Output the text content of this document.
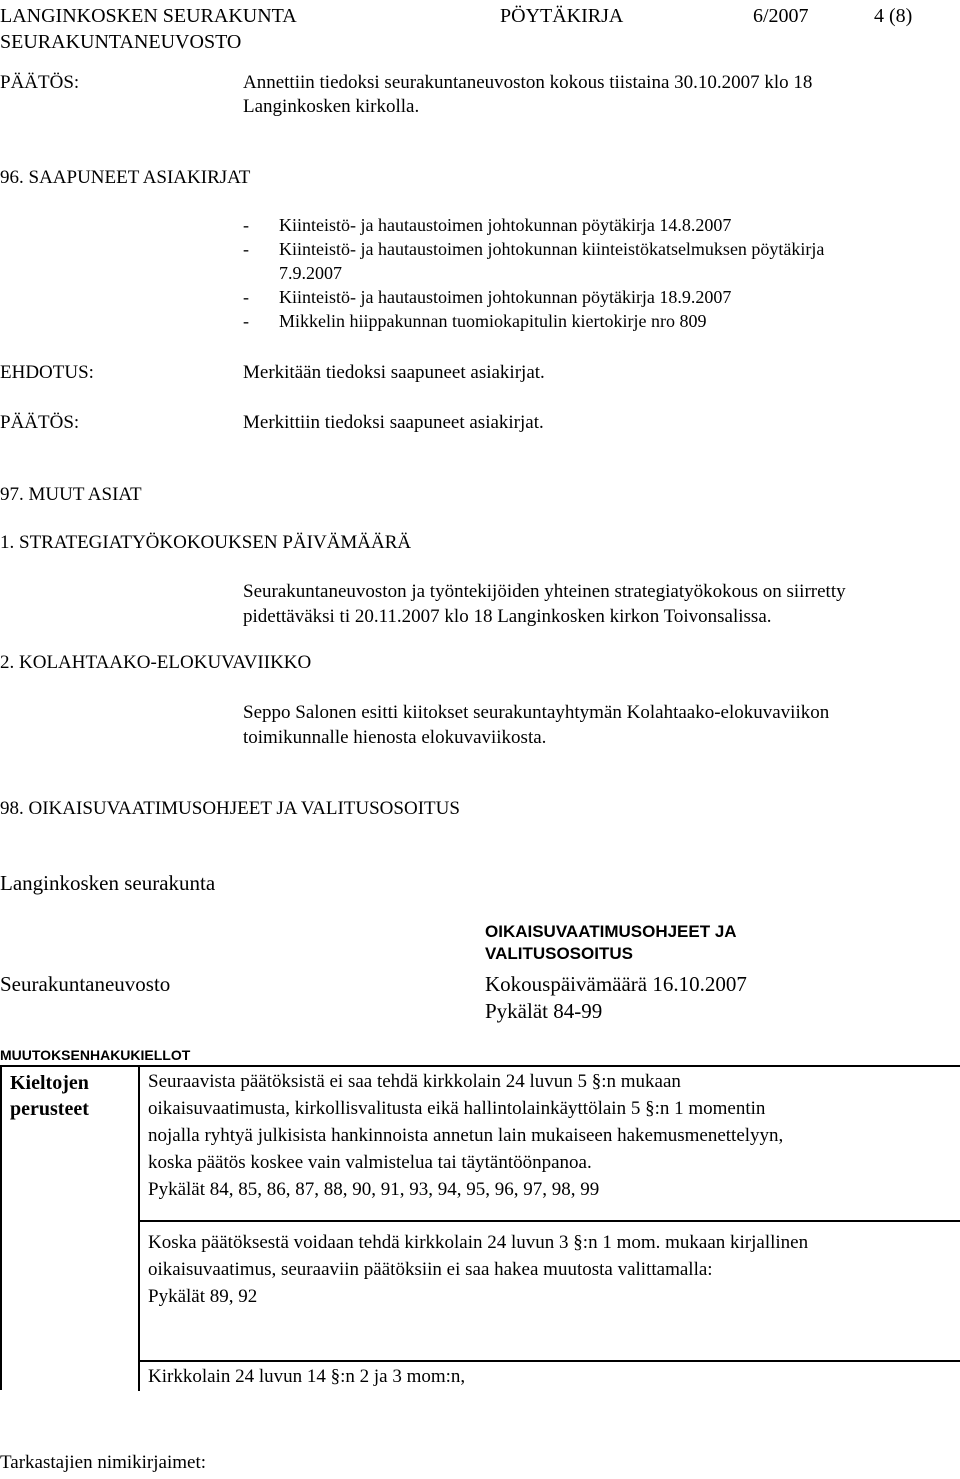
LANGINKOSKEN SEURAKUNTA	PÖYTÄKIRJA	6/2007	4 (8)
SEURAKUNTANEUVOSTO
PÄÄTÖS:	Annettiin tiedoksi seurakuntaneuvoston kokous tiistaina 30.10.2007 klo 18
Langinkosken kirkolla.
96. SAAPUNEET ASIAKIRJAT
-	Kiinteistö- ja hautaustoimen johtokunnan pöytäkirja 14.8.2007
-	Kiinteistö- ja hautaustoimen johtokunnan kiinteistökatselmuksen pöytäkirja
7.9.2007
-	Kiinteistö- ja hautaustoimen johtokunnan pöytäkirja 18.9.2007
-	Mikkelin hiippakunnan tuomiokapitulin kiertokirje nro 809
EHDOTUS:	Merkitään tiedoksi saapuneet asiakirjat.
PÄÄTÖS:	Merkittiin tiedoksi saapuneet asiakirjat.
97. MUUT ASIAT
1. STRATEGIATYÖKOKOUKSEN PÄIVÄMÄÄRÄ
Seurakuntaneuvoston ja työntekijöiden yhteinen strategiatyökokous on siirretty
pidettäväksi ti 20.11.2007 klo 18 Langinkosken kirkon Toivonsalissa.
2. KOLAHTAAKO-ELOKUVAVIIKKO
Seppo Salonen esitti kiitokset seurakuntayhtymän Kolahtaako-elokuvaviikon
toimikunnalle hienosta elokuvaviikosta.
98. OIKAISUVAATIMUSOHJEET JA VALITUSOSOITUS
Langinkosken seurakunta
OIKAISUVAATIMUSOHJEET JA
VALITUSOSOITUS
Seurakuntaneuvosto	Kokouspäivämäärä 16.10.2007
Pykälät 84-99
MUUTOKSENHAKUKIELLOT
Kieltojen
perusteet
Seuraavista päätöksistä ei saa tehdä kirkkolain 24 luvun 5 §:n mukaan
oikaisuvaatimusta, kirkollisvalitusta eikä hallintolainkäyttölain 5 §:n 1 momentin
nojalla ryhtyä julkisista hankinnoista annetun lain mukaiseen hakemusmenettelyyn,
koska päätös koskee vain valmistelua tai täytäntöönpanoa.
Pykälät 84, 85, 86, 87, 88, 90, 91, 93, 94, 95, 96, 97, 98, 99
Koska päätöksestä voidaan tehdä kirkkolain 24 luvun 3 §:n 1 mom. mukaan kirjallinen
oikaisuvaatimus, seuraaviin päätöksiin ei saa hakea muutosta valittamalla:
Pykälät 89, 92
Kirkkolain 24 luvun 14 §:n 2 ja 3 mom:n,
Tarkastajien nimikirjaimet:
